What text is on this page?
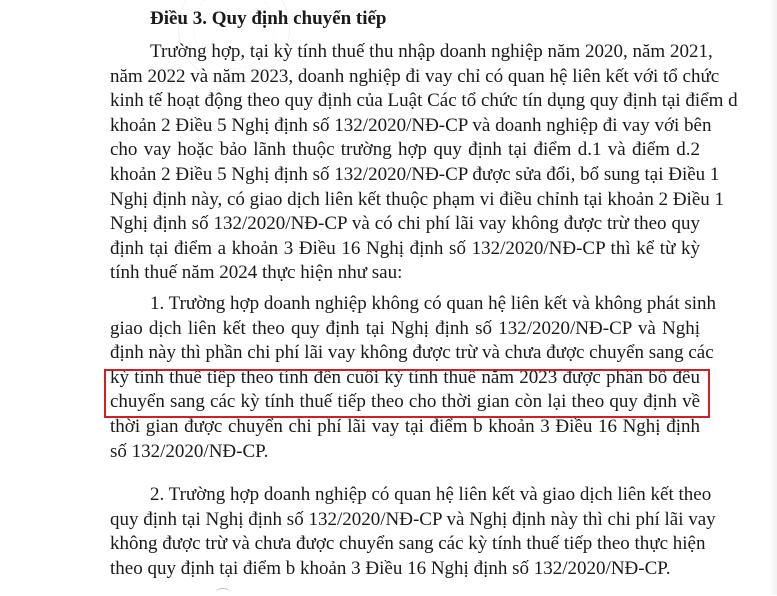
Điều 3. Quy định chuyển tiếp

Trường hợp, tại kỳ tính thuế thu nhập doanh nghiệp năm 2020, năm 2021,
năm 2022 và năm 2023, doanh nghiệp đi vay chỉ có quan hệ liên kết với tổ chức
kinh tế hoạt động theo quy định của Luật Các tổ chức tín dụng quy định tại điểm d
khoản 2 Điều 5 Nghị định số 132/2020/NĐ-CP và doanh nghiệp đi vay với bên
cho vay hoặc bảo lãnh thuộc trường hợp quy định tại điểm d.1 và điểm d.2
khoản 2 Điều 5 Nghị định số 132/2020/NĐ-CP được sửa đổi, bổ sung tại Điều 1
Nghị định này, có giao dịch liên kết thuộc phạm vi điều chỉnh tại khoản 2 Điều 1
Nghị định số 132/2020/NĐ-CP và có chi phí lãi vay không được trừ theo quy
định tại điểm a khoản 3 Điều 16 Nghị định số 132/2020/NĐ-CP thì kể từ kỳ
tính thuế năm 2024 thực hiện như sau:

1. Trường hợp doanh nghiệp không có quan hệ liên kết và không phát sinh
giao dịch liên kết theo quy định tại Nghị định số 132/2020/NĐ-CP và Nghị
định này thì phần chi phí lãi vay không được trừ và chưa được chuyển sang các
kỳ tính thuế tiếp theo tính đến cuối kỳ tính thuế năm 2023 được phân bổ đều
chuyển sang các kỳ tính thuế tiếp theo cho thời gian còn lại theo quy định về
thời gian được chuyển chi phí lãi vay tại điểm b khoản 3 Điều 16 Nghị định
số 132/2020/NĐ-CP.

2. Trường hợp doanh nghiệp có quan hệ liên kết và giao dịch liên kết theo
quy định tại Nghị định số 132/2020/NĐ-CP và Nghị định này thì chi phí lãi vay
không được trừ và chưa được chuyển sang các kỳ tính thuế tiếp theo thực hiện
theo quy định tại điểm b khoản 3 Điều 16 Nghị định số 132/2020/NĐ-CP.
